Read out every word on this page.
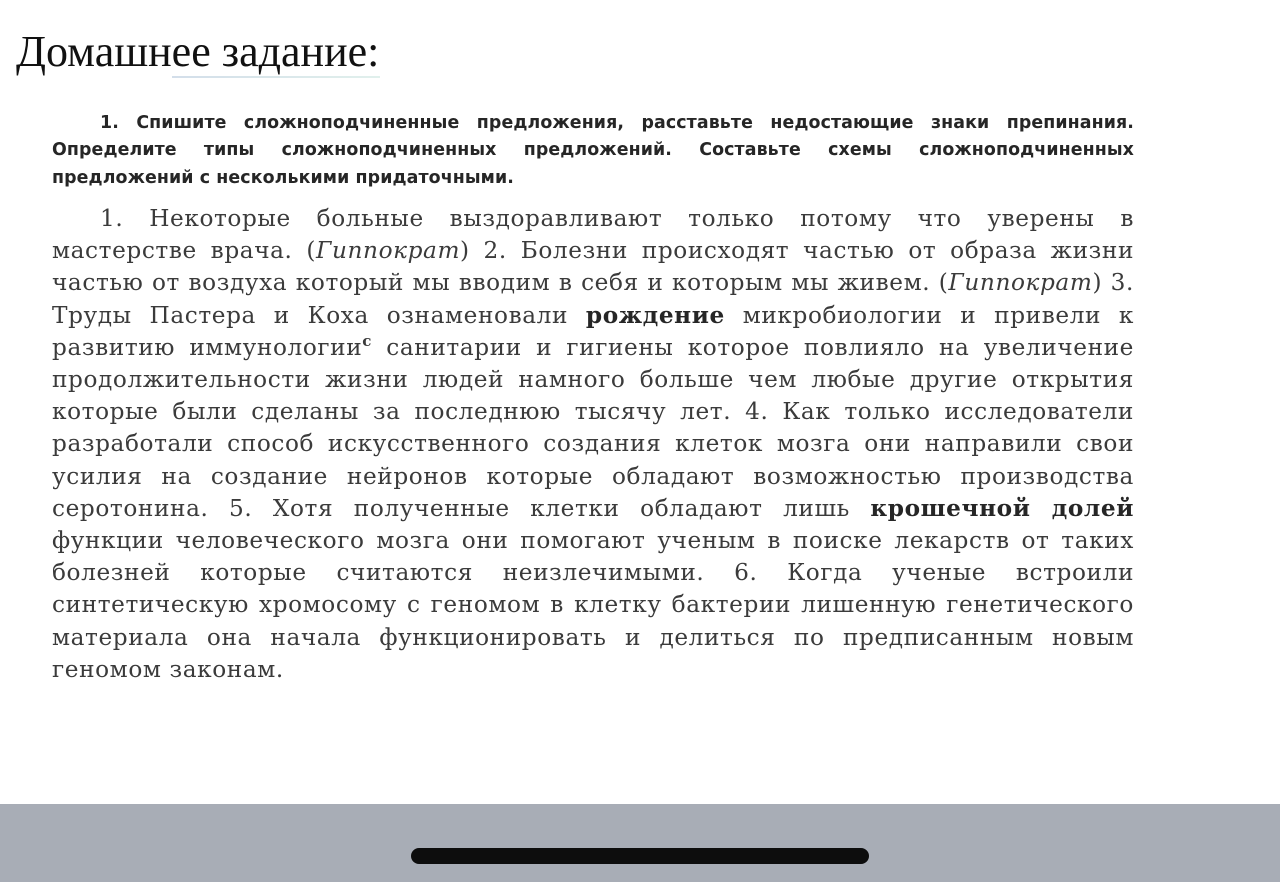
Домашнее задание:

1. Спишите сложноподчиненные предложения, расставьте недостающие знаки препинания. Определите типы сложноподчиненных предложений. Составьте схемы сложноподчиненных предложений с несколькими придаточными.

1. Некоторые больные выздоравливают только потому что уверены в мастерстве врача. (Гиппократ) 2. Болезни происходят частью от образа жизни частью от воздуха который мы вводим в себя и которым мы живем. (Гиппократ) 3. Труды Пастера и Коха ознаменовали рождение микробиологии и привели к развитию иммунологии$^с$ санитарии и гигиены которое повлияло на увеличение продолжительности жизни людей намного больше чем любые другие открытия которые были сделаны за последнюю тысячу лет. 4. Как только исследователи разработали способ искусственного создания клеток мозга они направили свои усилия на создание нейронов которые обладают возможностью производства серотонина. 5. Хотя полученные клетки обладают лишь крошечной долей функции человеческого мозга они помогают ученым в поиске лекарств от таких болезней которые считаются неизлечимыми. 6. Когда ученые встроили синтетическую хромосому с геномом в клетку бактерии лишенную генетического материала она начала функционировать и делиться по предписанным новым геномом законам.
